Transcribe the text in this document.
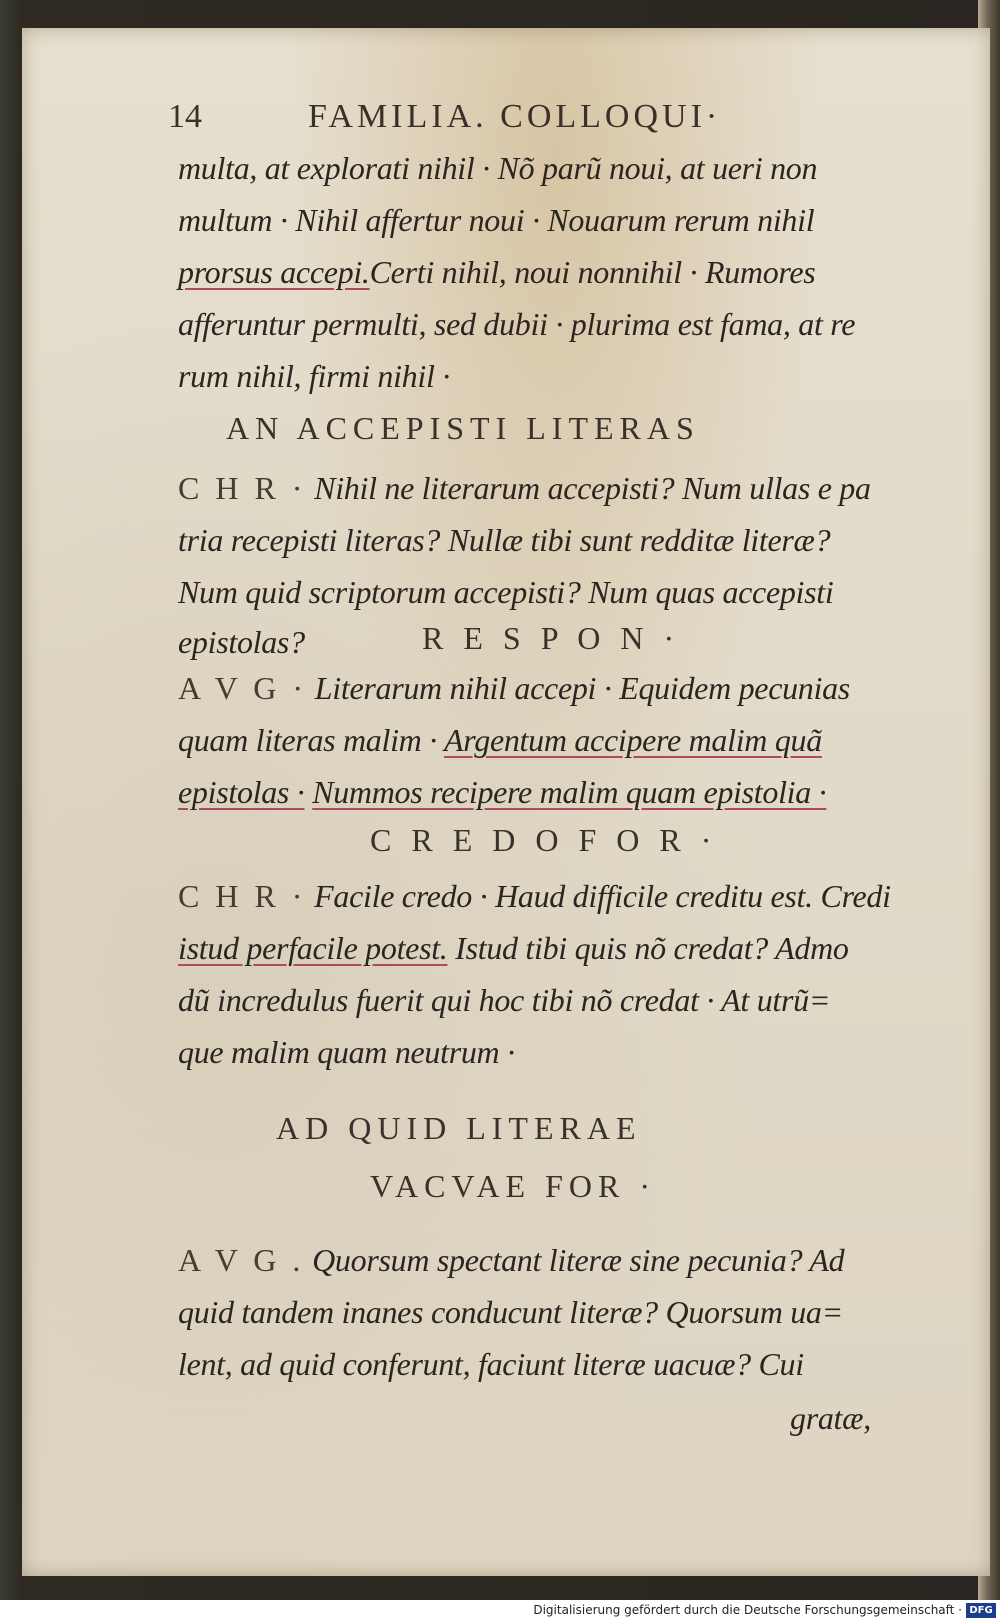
14	FAMILIA. COLLOQUI·
multa, at explorati nihil · Nõ parũ noui, at ueri non
multum · Nihil affertur noui · Nouarum rerum nihil
prorsus accepi.Certi nihil, noui nonnihil · Rumores
afferuntur permulti, sed dubii · plurima est fama, at re
rum nihil, firmi nihil ·
AN ACCEPISTI LITERAS
C H R · Nihil ne literarum accepisti? Num ullas e pa
tria recepisti literas? Nullæ tibi sunt redditæ literæ?
Num quid scriptorum accepisti? Num quas accepisti
epistolas?	R E S P O N ·
A V G · Literarum nihil accepi · Equidem pecunias
quam literas malim · Argentum accipere malim quã
epistolas · Nummos recipere malim quam epistolia ·
C R E D O F O R ·
C H R · Facile credo · Haud difficile creditu est. Credi
istud perfacile potest. Istud tibi quis nõ credat? Admo
dũ incredulus fuerit qui hoc tibi nõ credat · At utrũ=
que malim quam neutrum ·
AD QUID LITERAE
VACVAE FOR ·
A V G . Quorsum spectant literæ sine pecunia? Ad
quid tandem inanes conducunt literæ? Quorsum ua=
lent, ad quid conferunt, faciunt literæ uacuæ? Cui
gratæ,
Digitalisierung gefördert durch die Deutsche Forschungsgemeinschaft · DFG
